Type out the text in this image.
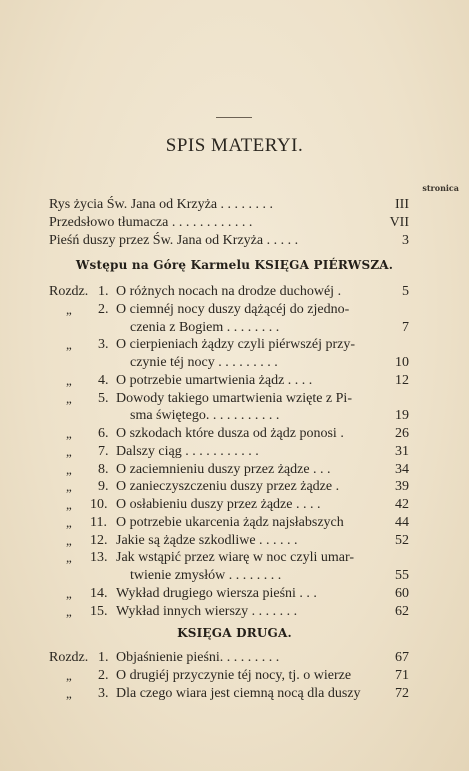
SPIS MATERYI.
stronica
Rys życia Św. Jana od Krzyża . . . . . . . .	III
Przedsłowo tłumacza . . . . . . . . . . . .	VII
Pieśń duszy przez Św. Jana od Krzyża . . . . .	3
Wstępu na Górę Karmelu KSIĘGA PIÉRWSZA.
Rozdz. 1. O różnych nocach na drodze duchowéj .	5
„ 2. O ciemnéj nocy duszy dążącéj do zjedno-
czenia z Bogiem . . . . . . . .	7
„ 3. O cierpieniach żądzy czyli piérwszéj przy-
czynie téj nocy . . . . . . . . .	10
„ 4. O potrzebie umartwienia żądz . . . .	12
„ 5. Dowody takiego umartwienia wzięte z Pi-
sma świętego. . . . . . . . . . .	19
„ 6. O szkodach które dusza od żądz ponosi .	26
„ 7. Dalszy ciąg . . . . . . . . . . .	31
„ 8. O zaciemnieniu duszy przez żądze . . .	34
„ 9. O zanieczyszczeniu duszy przez żądze .	39
„ 10. O osłabieniu duszy przez żądze . . . .	42
„ 11. O potrzebie ukarcenia żądz najsłabszych	44
„ 12. Jakie są żądze szkodliwe . . . . . .	52
„ 13. Jak wstąpić przez wiarę w noc czyli umar-
twienie zmysłów . . . . . . . .	55
„ 14. Wykład drugiego wiersza pieśni . . .	60
„ 15. Wykład innych wierszy . . . . . . .	62
KSIĘGA DRUGA.
Rozdz. 1. Objaśnienie pieśni. . . . . . . . .	67
„ 2. O drugiéj przyczynie téj nocy, tj. o wierze	71
„ 3. Dla czego wiara jest ciemną nocą dla duszy 72
